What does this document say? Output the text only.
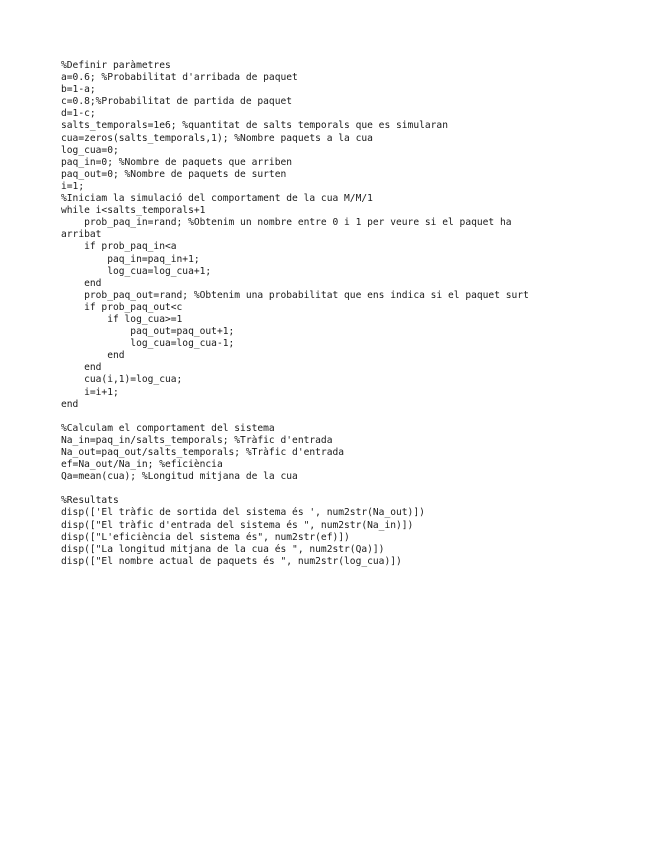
%Definir paràmetres
a=0.6; %Probabilitat d'arribada de paquet
b=1-a;
c=0.8;%Probabilitat de partida de paquet
d=1-c;
salts_temporals=1e6; %quantitat de salts temporals que es simularan
cua=zeros(salts_temporals,1); %Nombre paquets a la cua
log_cua=0;
paq_in=0; %Nombre de paquets que arriben
paq_out=0; %Nombre de paquets de surten
i=1;
%Iniciam la simulació del comportament de la cua M/M/1
while i<salts_temporals+1
prob_paq_in=rand; %Obtenim un nombre entre 0 i 1 per veure si el paquet ha
arribat
if prob_paq_in<a
paq_in=paq_in+1;
log_cua=log_cua+1;
end
prob_paq_out=rand; %Obtenim una probabilitat que ens indica si el paquet surt
if prob_paq_out<c
if log_cua>=1
paq_out=paq_out+1;
log_cua=log_cua-1;
end
end
cua(i,1)=log_cua;
i=i+1;
end
%Calculam el comportament del sistema
Na_in=paq_in/salts_temporals; %Tràfic d'entrada
Na_out=paq_out/salts_temporals; %Tràfic d'entrada
ef=Na_out/Na_in; %eficiència
Qa=mean(cua); %Longitud mitjana de la cua
%Resultats
disp(['El tràfic de sortida del sistema és ', num2str(Na_out)])
disp(["El tràfic d'entrada del sistema és ", num2str(Na_in)])
disp(["L'eficiència del sistema és", num2str(ef)])
disp(["La longitud mitjana de la cua és ", num2str(Qa)])
disp(["El nombre actual de paquets és ", num2str(log_cua)])
